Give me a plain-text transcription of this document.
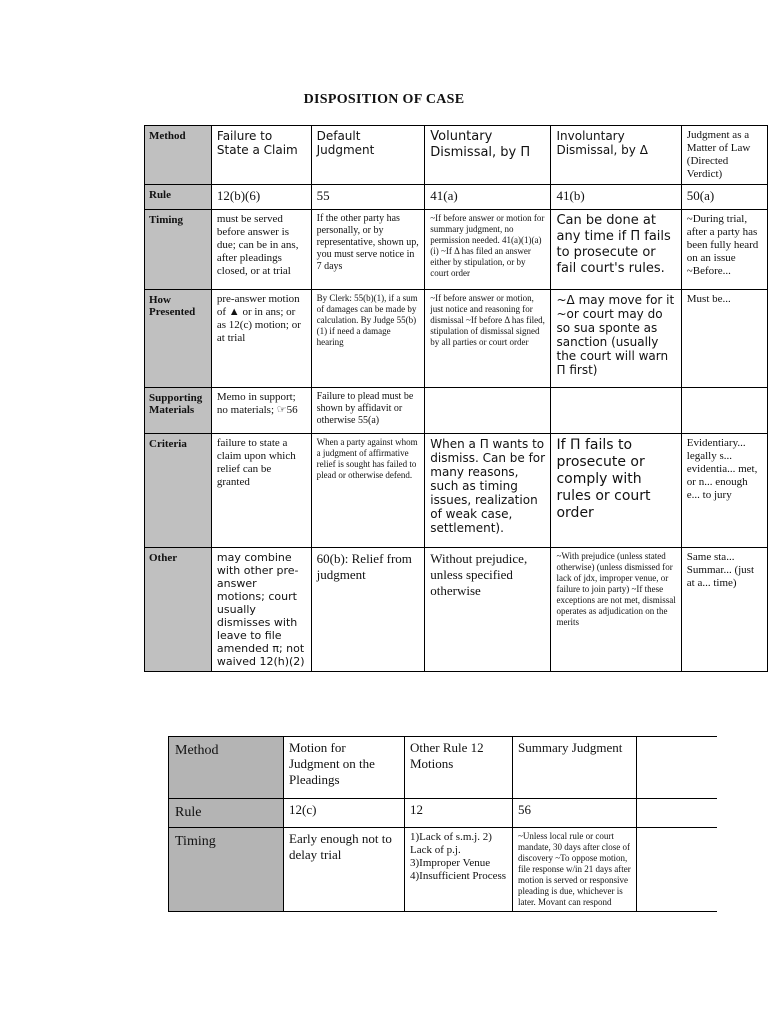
DISPOSITION OF CASE
Method	Failure to State a Claim	Default Judgment	Voluntary Dismissal, by Π	Involuntary Dismissal, by Δ	Judgment as a Matter of Law (Directed Verdict)
Rule	12(b)(6)	55	41(a)	41(b)	50(a)
Timing	must be served before answer is due; can be in ans, after pleadings closed, or at trial	If the other party has personally, or by representative, shown up, you must serve notice in 7 days	~If before answer or motion for summary judgment, no permission needed. 41(a)(1)(a)(i) ~If Δ has filed an answer either by stipulation, or by court order	Can be done at any time if Π fails to prosecute or fail court's rules.	~During trial, after a party has been fully heard on an issue ~Before...
How Presented	pre-answer motion of ▲ or in ans; or as 12(c) motion; or at trial	By Clerk: 55(b)(1), if a sum of damages can be made by calculation. By Judge 55(b)(1) if need a damage hearing	~If before answer or motion, just notice and reasoning for dismissal ~If before Δ has filed, stipulation of dismissal signed by all parties or court order	~Δ may move for it ~or court may do so sua sponte as sanction (usually the court will warn Π first)	Must be...
Supporting Materials	Memo in support; no materials; ☞56	Failure to plead must be shown by affidavit or otherwise 55(a)			
Criteria	failure to state a claim upon which relief can be granted	When a party against whom a judgment of affirmative relief is sought has failed to plead or otherwise defend.	When a Π wants to dismiss. Can be for many reasons, such as timing issues, realization of weak case, settlement).	If Π fails to prosecute or comply with rules or court order	Evidentiary... legally s... evidentia... met, or n... enough e... to jury
Other	may combine with other pre-answer motions; court usually dismisses with leave to file amended π; not waived 12(h)(2)	60(b): Relief from judgment	Without prejudice, unless specified otherwise	~With prejudice (unless stated otherwise) (unless dismissed for lack of jdx, improper venue, or failure to join party) ~If these exceptions are not met, dismissal operates as adjudication on the merits	Same sta... Summar... (just at a... time)
Method	Motion for Judgment on the Pleadings	Other Rule 12 Motions	Summary Judgment	
Rule	12(c)	12	56	
Timing	Early enough not to delay trial	1)Lack of s.m.j. 2) Lack of p.j. 3)Improper Venue 4)Insufficient Process	~Unless local rule or court mandate, 30 days after close of discovery ~To oppose motion, file response w/in 21 days after motion is served or responsive pleading is due, whichever is later. Movant can respond	
